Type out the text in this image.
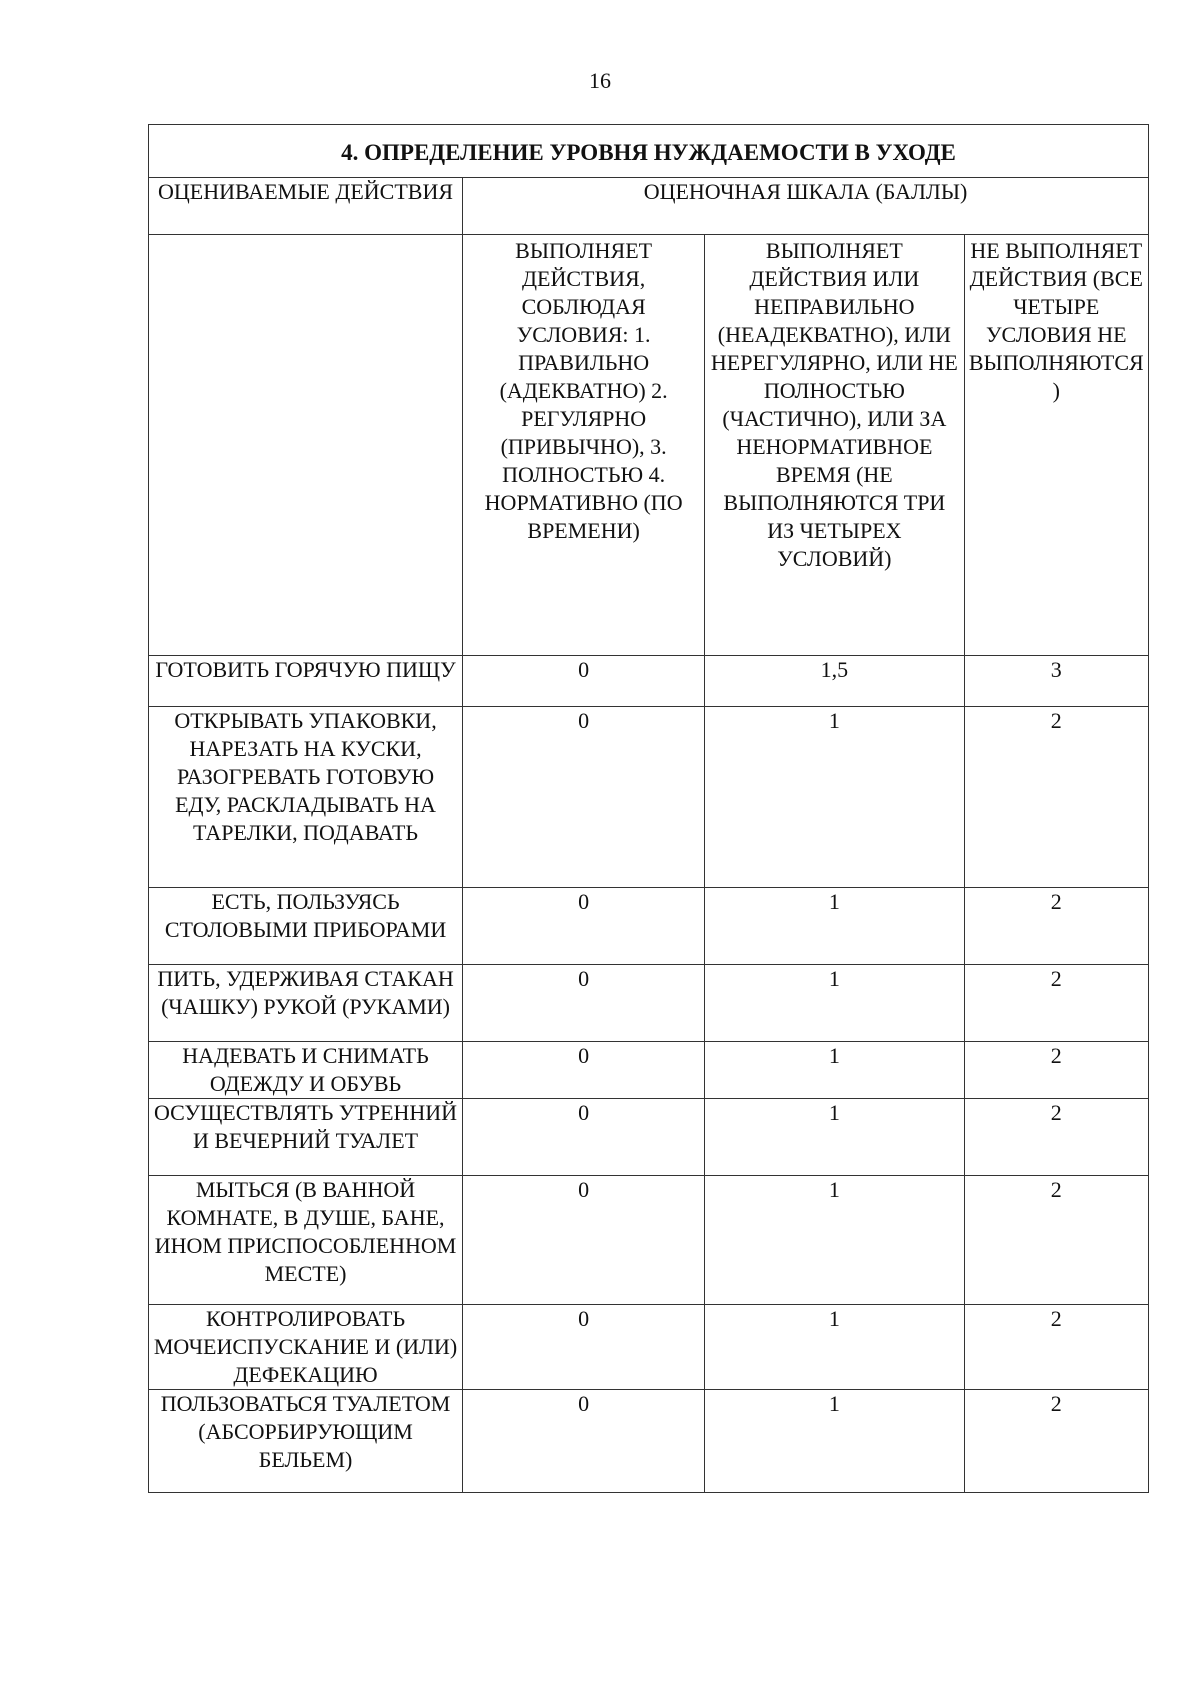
16
4. ОПРЕДЕЛЕНИЕ УРОВНЯ НУЖДАЕМОСТИ В УХОДЕ			
ОЦЕНИВАЕМЫЕ ДЕЙСТВИЯ	ОЦЕНОЧНАЯ ШКАЛА (БАЛЛЫ)		

	ВЫПОЛНЯЕТ ДЕЙСТВИЯ, СОБЛЮДАЯ УСЛОВИЯ: 1. ПРАВИЛЬНО (АДЕКВАТНО) 2. РЕГУЛЯРНО (ПРИВЫЧНО), 3. ПОЛНОСТЬЮ 4. НОРМАТИВНО (ПО ВРЕМЕНИ)	ВЫПОЛНЯЕТ ДЕЙСТВИЯ ИЛИ НЕПРАВИЛЬНО (НЕАДЕКВАТНО), ИЛИ НЕРЕГУЛЯРНО, ИЛИ НЕ ПОЛНОСТЬЮ (ЧАСТИЧНО), ИЛИ ЗА НЕНОРМАТИВНОЕ ВРЕМЯ (НЕ ВЫПОЛНЯЮТСЯ ТРИ ИЗ ЧЕТЫРЕХ УСЛОВИЙ)	НЕ ВЫПОЛНЯЕТ ДЕЙСТВИЯ (ВСЕ ЧЕТЫРЕ УСЛОВИЯ НЕ ВЫПОЛНЯЮТСЯ)

ГОТОВИТЬ ГОРЯЧУЮ ПИЩУ	0	1,5	3
ОТКРЫВАТЬ УПАКОВКИ, НАРЕЗАТЬ НА КУСКИ, РАЗОГРЕВАТЬ ГОТОВУЮ ЕДУ, РАСКЛАДЫВАТЬ НА ТАРЕЛКИ, ПОДАВАТЬ	0	1	2
ЕСТЬ, ПОЛЬЗУЯСЬ СТОЛОВЫМИ ПРИБОРАМИ	0	1	2
ПИТЬ, УДЕРЖИВАЯ СТАКАН (ЧАШКУ) РУКОЙ (РУКАМИ)	0	1	2
НАДЕВАТЬ И СНИМАТЬ ОДЕЖДУ И ОБУВЬ	0	1	2
ОСУЩЕСТВЛЯТЬ УТРЕННИЙ И ВЕЧЕРНИЙ ТУАЛЕТ	0	1	2
МЫТЬСЯ (В ВАННОЙ КОМНАТЕ, В ДУШЕ, БАНЕ, ИНОМ ПРИСПОСОБЛЕННОМ МЕСТЕ)	0	1	2
КОНТРОЛИРОВАТЬ МОЧЕИСПУСКАНИЕ И (ИЛИ) ДЕФЕКАЦИЮ	0	1	2
ПОЛЬЗОВАТЬСЯ ТУАЛЕТОМ (АБСОРБИРУЮЩИМ БЕЛЬЕМ)	0	1	2
